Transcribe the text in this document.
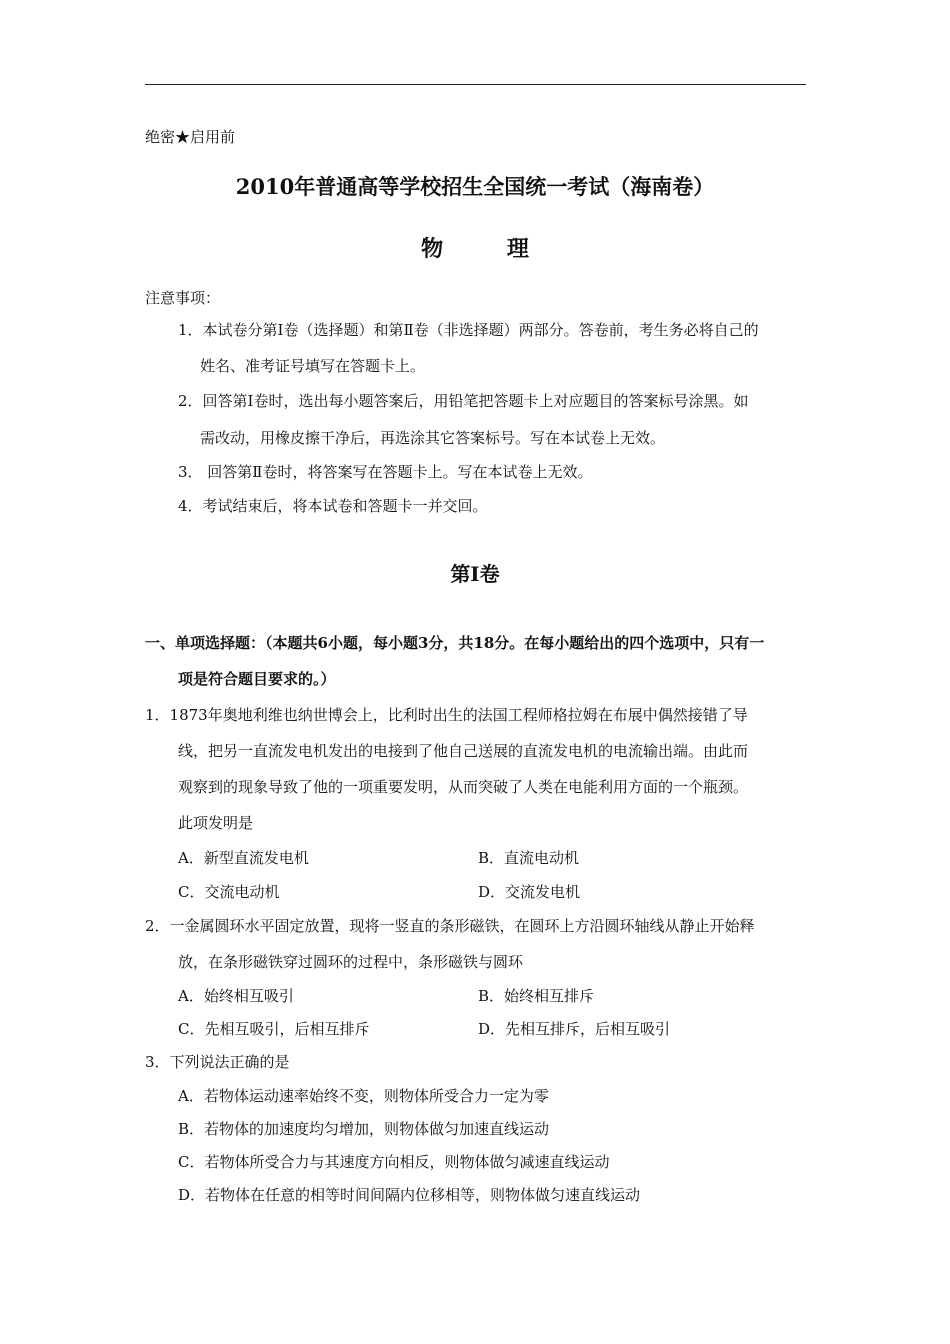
绝密★启用前
2010年普通高等学校招生全国统一考试（海南卷）
物 理
注意事项：
1．本试卷分第Ⅰ卷（选择题）和第Ⅱ卷（非选择题）两部分。答卷前，考生务必将自己的
姓名、准考证号填写在答题卡上。
2．回答第Ⅰ卷时，选出每小题答案后，用铅笔把答题卡上对应题目的答案标号涂黑。如
需改动，用橡皮擦干净后，再选涂其它答案标号。写在本试卷上无效。
3． 回答第Ⅱ卷时，将答案写在答题卡上。写在本试卷上无效。
4．考试结束后，将本试卷和答题卡一并交回。
第Ⅰ卷
一、单项选择题：（本题共6小题，每小题3分，共18分。在每小题给出的四个选项中，只有一
项是符合题目要求的。）
1．1873年奥地利维也纳世博会上，比利时出生的法国工程师格拉姆在布展中偶然接错了导
线，把另一直流发电机发出的电接到了他自己送展的直流发电机的电流输出端。由此而
观察到的现象导致了他的一项重要发明，从而突破了人类在电能利用方面的一个瓶颈。
此项发明是
A．新型直流发电机	B．直流电动机
C．交流电动机	D．交流发电机
2．一金属圆环水平固定放置，现将一竖直的条形磁铁，在圆环上方沿圆环轴线从静止开始释
放，在条形磁铁穿过圆环的过程中，条形磁铁与圆环
A．始终相互吸引	B．始终相互排斥
C．先相互吸引，后相互排斥	D．先相互排斥，后相互吸引
3．下列说法正确的是
A．若物体运动速率始终不变，则物体所受合力一定为零
B．若物体的加速度均匀增加，则物体做匀加速直线运动
C．若物体所受合力与其速度方向相反，则物体做匀减速直线运动
D．若物体在任意的相等时间间隔内位移相等，则物体做匀速直线运动
